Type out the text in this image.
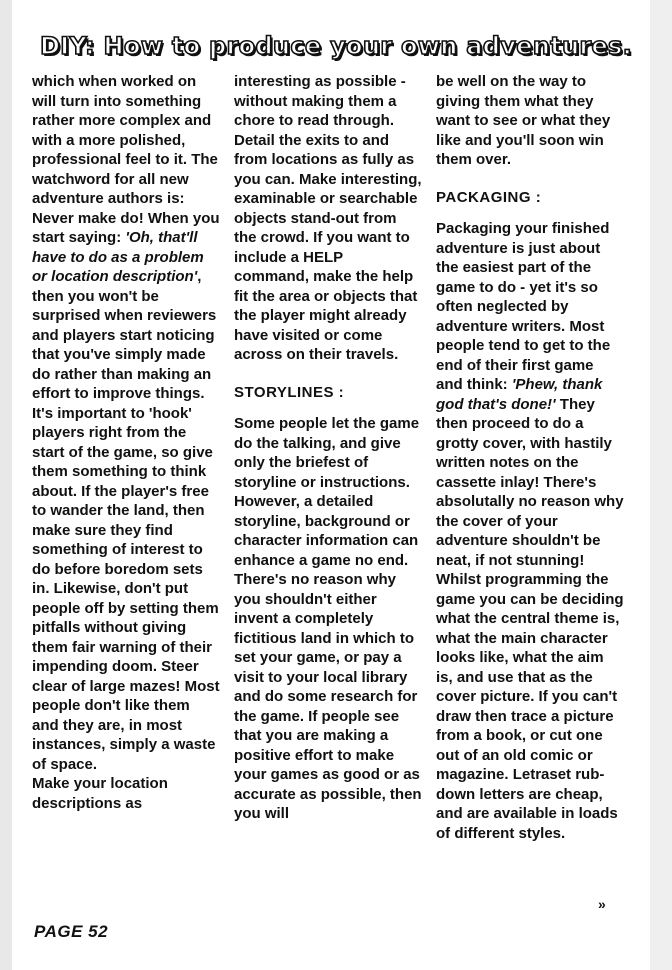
DIY: How to produce your own adventures.

which when worked on will turn into something rather more complex and with a more polished, professional feel to it. The watchword for all new adventure authors is: Never make do! When you start saying: 'Oh, that'll have to do as a problem or location description', then you won't be surprised when reviewers and players start noticing that you've simply made do rather than making an effort to improve things.

It's important to 'hook' players right from the start of the game, so give them something to think about. If the player's free to wander the land, then make sure they find something of interest to do before boredom sets in. Likewise, don't put people off by setting them pitfalls without giving them fair warning of their impending doom. Steer clear of large mazes! Most people don't like them and they are, in most instances, simply a waste of space.

Make your location descriptions as

interesting as possible - without making them a chore to read through. Detail the exits to and from locations as fully as you can. Make interesting, examinable or searchable objects stand-out from the crowd. If you want to include a HELP command, make the help fit the area or objects that the player might already have visited or come across on their travels.

STORYLINES :

Some people let the game do the talking, and give only the briefest of storyline or instructions. However, a detailed storyline, background or character information can enhance a game no end. There's no reason why you shouldn't either invent a completely fictitious land in which to set your game, or pay a visit to your local library and do some research for the game. If people see that you are making a positive effort to make your games as good or as accurate as possible, then you will

be well on the way to giving them what they want to see or what they like and you'll soon win them over.

PACKAGING :

Packaging your finished adventure is just about the easiest part of the game to do - yet it's so often neglected by adventure writers. Most people tend to get to the end of their first game and think: 'Phew, thank god that's done!' They then proceed to do a grotty cover, with hastily written notes on the cassette inlay! There's absolutally no reason why the cover of your adventure shouldn't be neat, if not stunning! Whilst programming the game you can be deciding what the central theme is, what the main character looks like, what the aim is, and use that as the cover picture. If you can't draw then trace a picture from a book, or cut one out of an old comic or magazine. Letraset rub-down letters are cheap, and are available in loads of different styles.

»
PAGE 52
